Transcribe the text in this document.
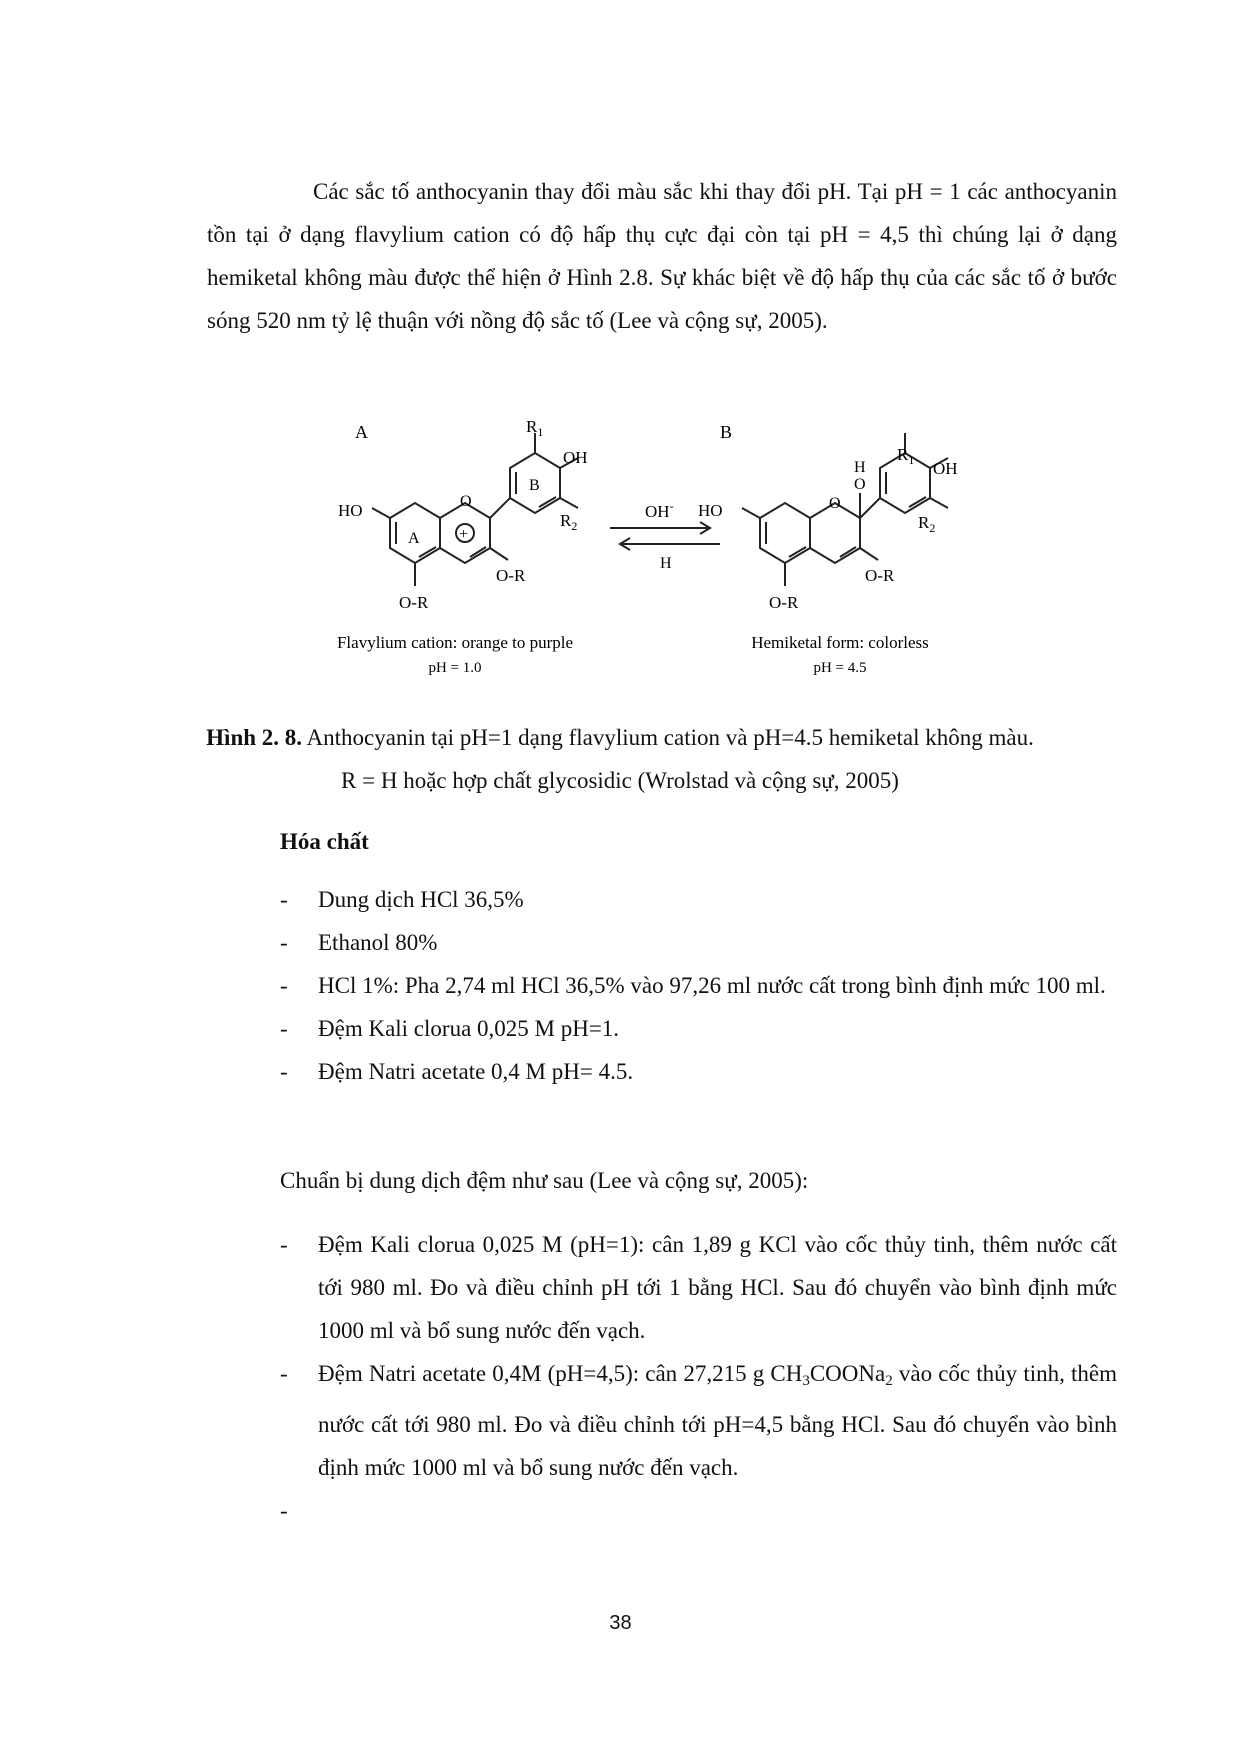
Các sắc tố anthocyanin thay đổi màu sắc khi thay đổi pH. Tại pH = 1 các anthocyanin tồn tại ở dạng flavylium cation có độ hấp thụ cực đại còn tại pH = 4,5 thì chúng lại ở dạng hemiketal không màu được thể hiện ở Hình 2.8. Sự khác biệt về độ hấp thụ của các sắc tố ở bước sóng 520 nm tỷ lệ thuận với nồng độ sắc tố (Lee và cộng sự, 2005).
A	$R_1$
OH
B
HO
A
O
+
$R_2$
O-R
O-R
Flavylium cation: orange to purple
pH = 1.0
OH-
H
B
$R_1$ OH
H
O
HO	O
$R_2$
O-R
O-R
Hemiketal form: colorless
pH = 4.5
Hình 2. 8. Anthocyanin tại pH=1 dạng flavylium cation và pH=4.5 hemiketal không màu.
R = H hoặc hợp chất glycosidic (Wrolstad và cộng sự, 2005)
Hóa chất
- Dung dịch HCl 36,5%
- Ethanol 80%
- HCl 1%: Pha 2,74 ml HCl 36,5% vào 97,26 ml nước cất trong bình định mức 100 ml.
- Đệm Kali clorua 0,025 M pH=1.
- Đệm Natri acetate 0,4 M pH= 4.5.
Chuẩn bị dung dịch đệm như sau (Lee và cộng sự, 2005):
- Đệm Kali clorua 0,025 M (pH=1): cân 1,89 g KCl vào cốc thủy tinh, thêm nước cất tới 980 ml. Đo và điều chỉnh pH tới 1 bằng HCl. Sau đó chuyển vào bình định mức 1000 ml và bổ sung nước đến vạch.
- Đệm Natri acetate 0,4M (pH=4,5): cân 27,215 g $CH_3COONa_2$ vào cốc thủy tinh, thêm nước cất tới 980 ml. Đo và điều chỉnh tới pH=4,5 bằng HCl. Sau đó chuyển vào bình định mức 1000 ml và bổ sung nước đến vạch.
-

38
